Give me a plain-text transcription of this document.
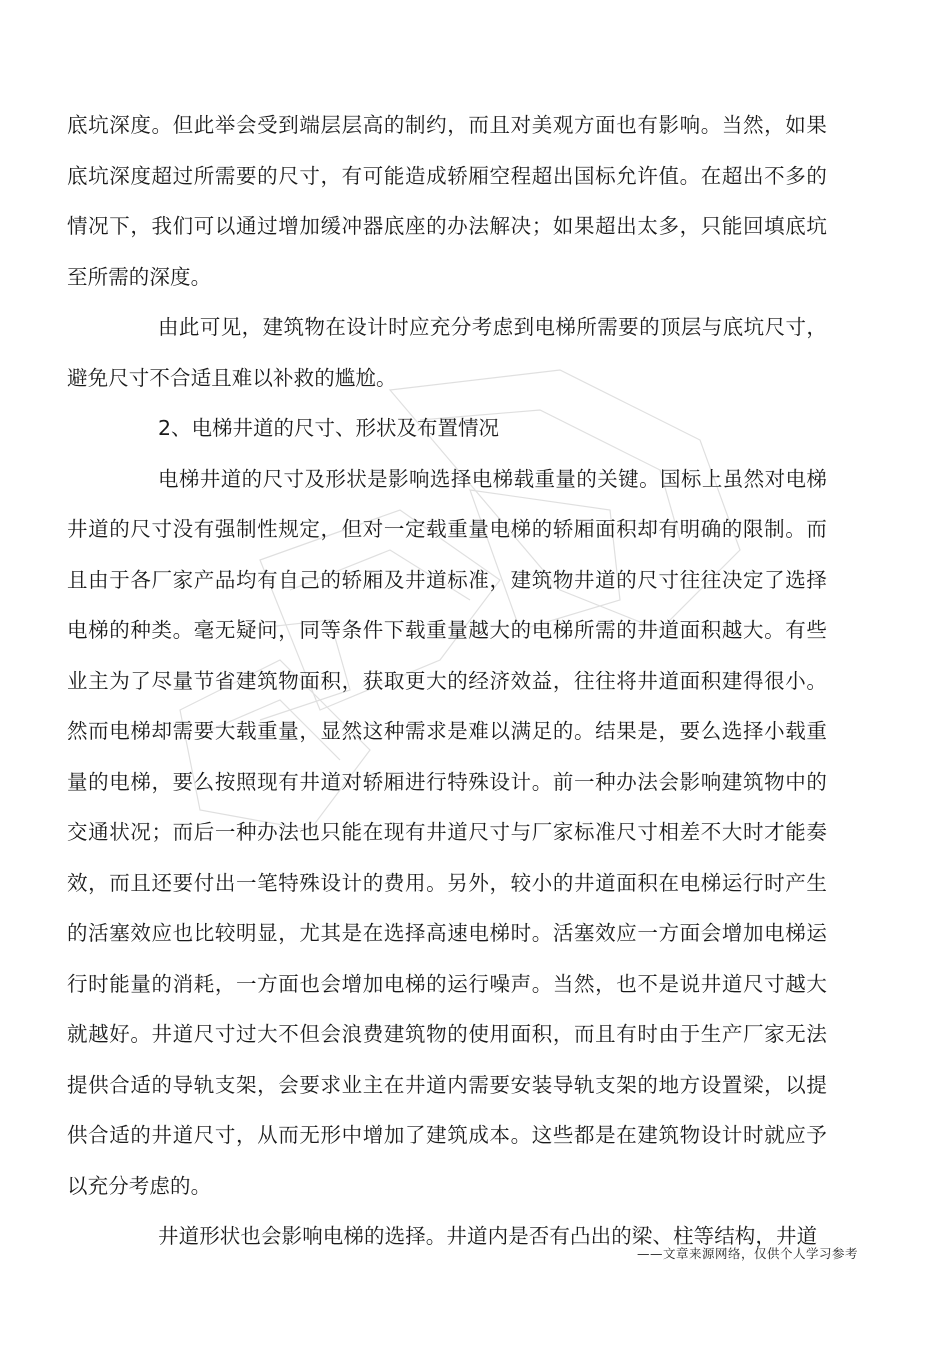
底坑深度。但此举会受到端层层高的制约，而且对美观方面也有影响。当然，如果底坑深度超过所需要的尺寸，有可能造成轿厢空程超出国标允许值。在超出不多的情况下，我们可以通过增加缓冲器底座的办法解决；如果超出太多，只能回填底坑至所需的深度。

由此可见，建筑物在设计时应充分考虑到电梯所需要的顶层与底坑尺寸，避免尺寸不合适且难以补救的尴尬。

2、电梯井道的尺寸、形状及布置情况

电梯井道的尺寸及形状是影响选择电梯载重量的关键。国标上虽然对电梯井道的尺寸没有强制性规定，但对一定载重量电梯的轿厢面积却有明确的限制。而且由于各厂家产品均有自己的轿厢及井道标准，建筑物井道的尺寸往往决定了选择电梯的种类。毫无疑问，同等条件下载重量越大的电梯所需的井道面积越大。有些业主为了尽量节省建筑物面积，获取更大的经济效益，往往将井道面积建得很小。然而电梯却需要大载重量，显然这种需求是难以满足的。结果是，要么选择小载重量的电梯，要么按照现有井道对轿厢进行特殊设计。前一种办法会影响建筑物中的交通状况；而后一种办法也只能在现有井道尺寸与厂家标准尺寸相差不大时才能奏效，而且还要付出一笔特殊设计的费用。另外，较小的井道面积在电梯运行时产生的活塞效应也比较明显，尤其是在选择高速电梯时。活塞效应一方面会增加电梯运行时能量的消耗，一方面也会增加电梯的运行噪声。当然，也不是说井道尺寸越大就越好。井道尺寸过大不但会浪费建筑物的使用面积，而且有时由于生产厂家无法提供合适的导轨支架，会要求业主在井道内需要安装导轨支架的地方设置梁，以提供合适的井道尺寸，从而无形中增加了建筑成本。这些都是在建筑物设计时就应予以充分考虑的。

井道形状也会影响电梯的选择。井道内是否有凸出的梁、柱等结构，井道

——文章来源网络，仅供个人学习参考
